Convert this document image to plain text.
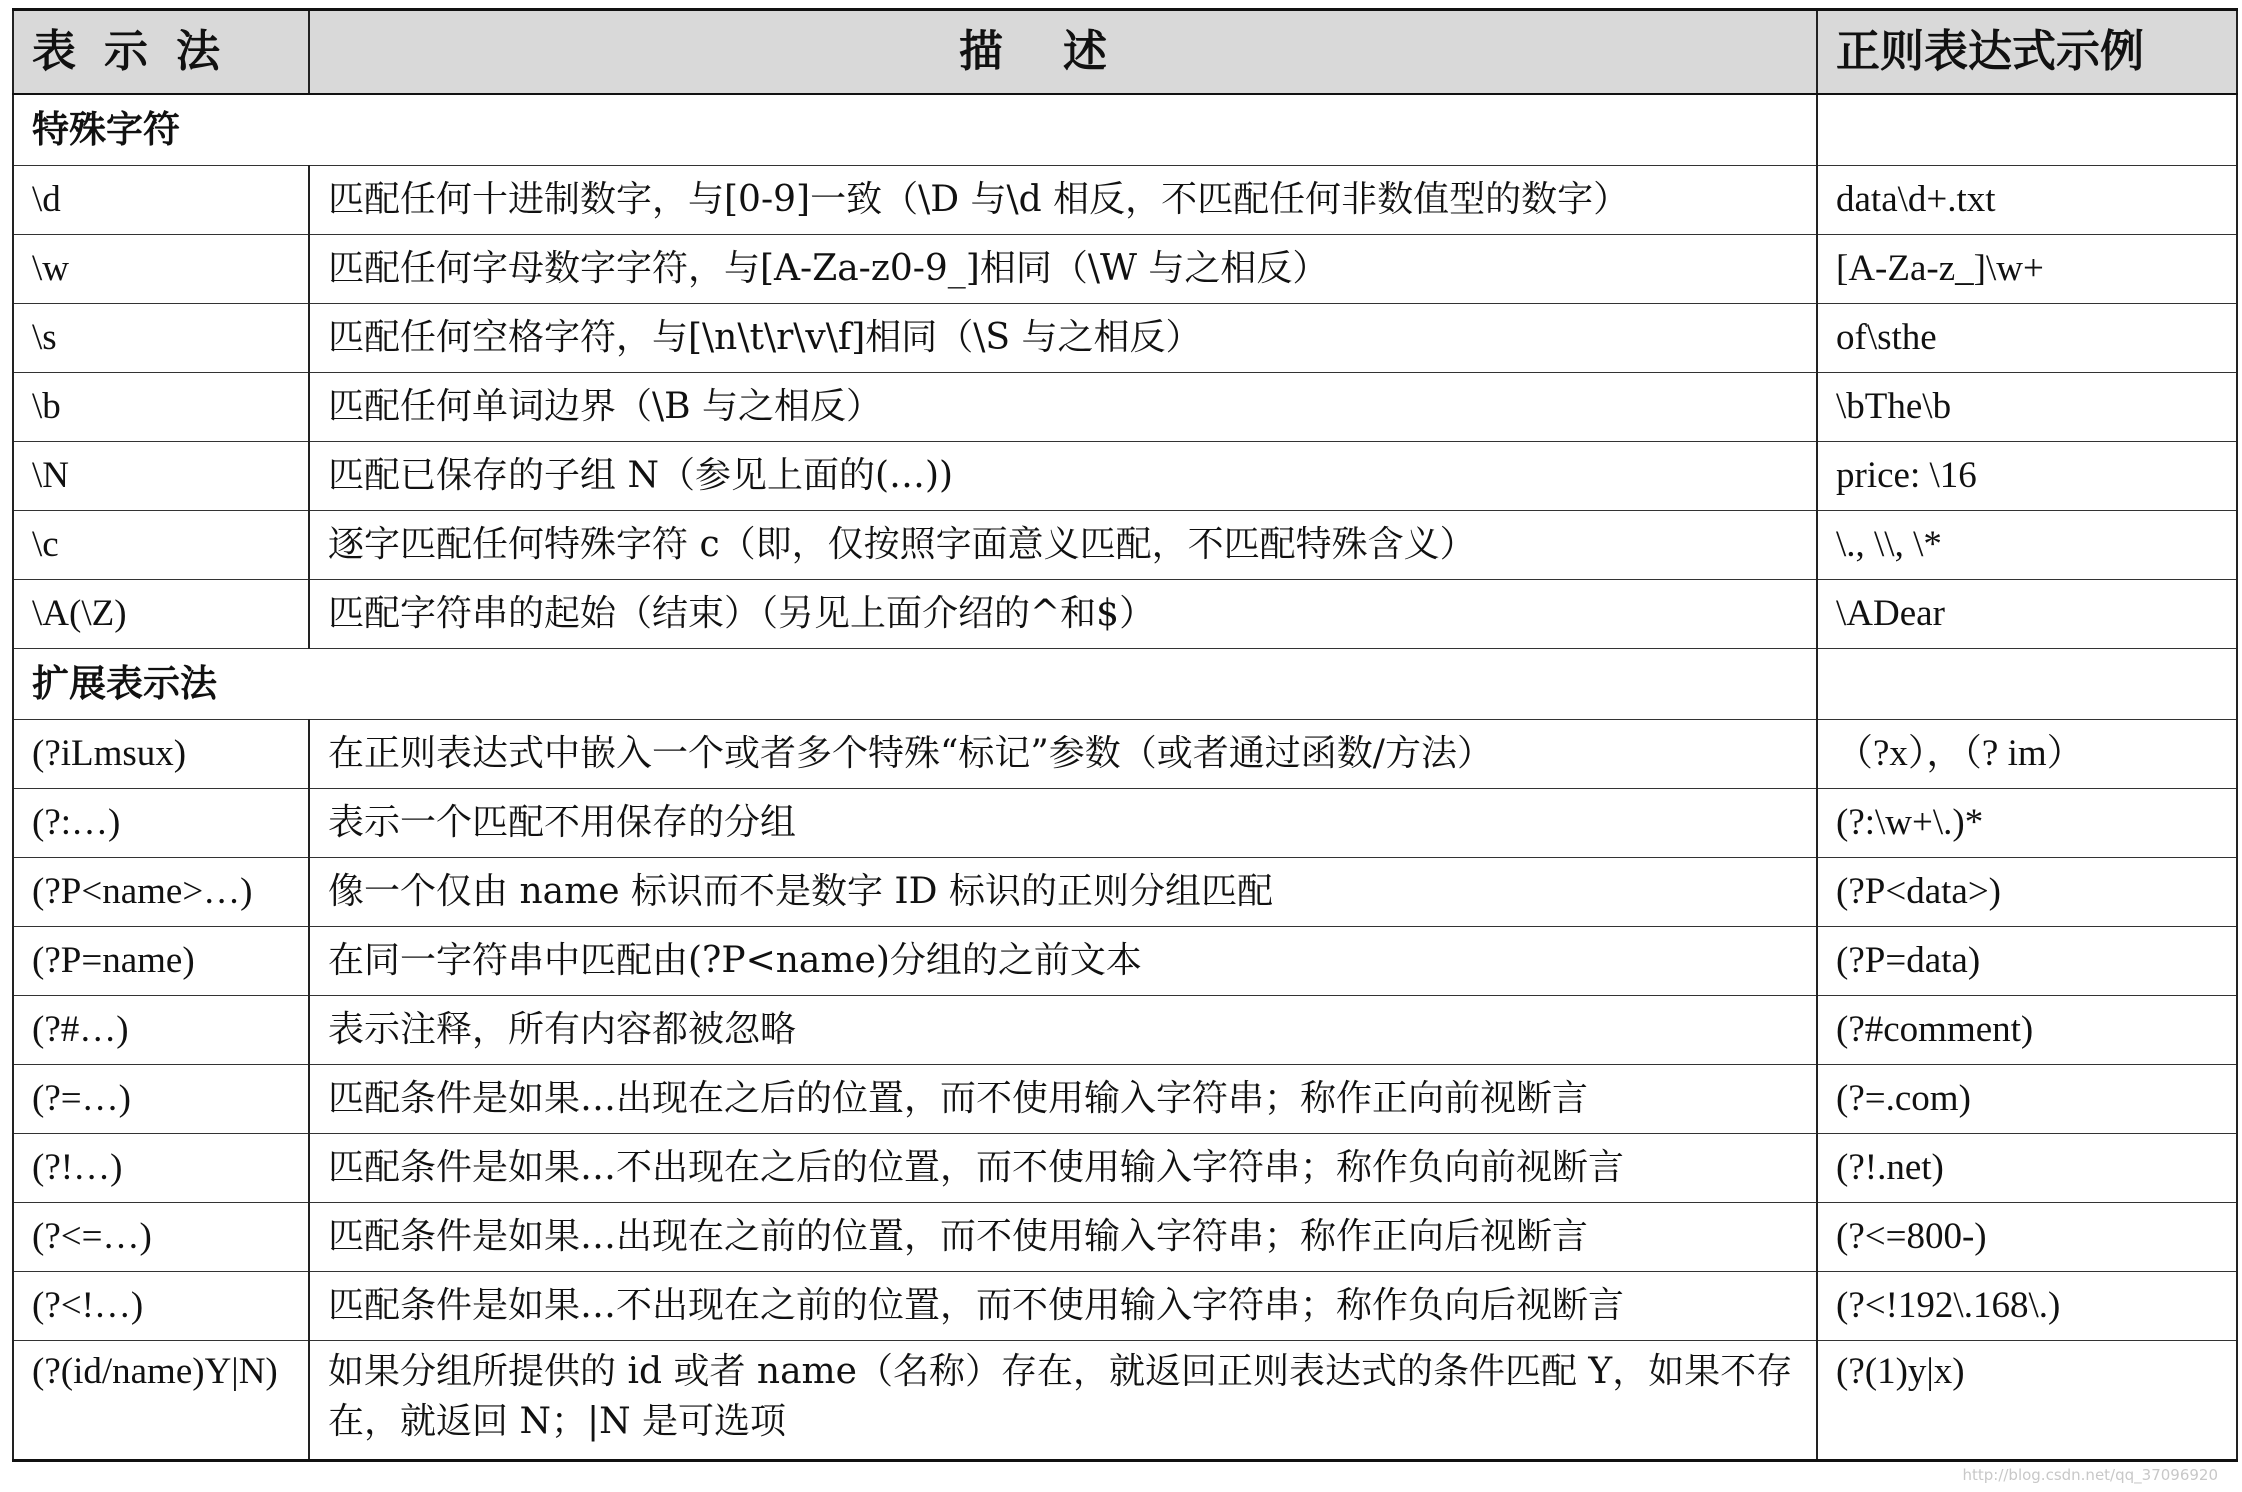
表示法	描述	正则表达式示例
特殊字符		
\d	匹配任何十进制数字，与[0-9]一致（\D 与\d 相反，不匹配任何非数值型的数字）	data\d+.txt
\w	匹配任何字母数字字符，与[A-Za-z0-9_]相同（\W 与之相反）	[A-Za-z_]\w+
\s	匹配任何空格字符，与[\n\t\r\v\f]相同（\S 与之相反）	of\sthe
\b	匹配任何单词边界（\B 与之相反）	\bThe\b
\N	匹配已保存的子组 N（参见上面的(…))	price: \16
\c	逐字匹配任何特殊字符 c（即，仅按照字面意义匹配，不匹配特殊含义）	\., \\, \*
\A(\Z)	匹配字符串的起始（结束）（另见上面介绍的^和$）	\ADear
扩展表示法		
(?iLmsux)	在正则表达式中嵌入一个或者多个特殊“标记”参数（或者通过函数/方法）	（?x），（? im）
(?:…)	表示一个匹配不用保存的分组	(?:\w+\.)*
(?P<name>…)	像一个仅由 name 标识而不是数字 ID 标识的正则分组匹配	(?P<data>)
(?P=name)	在同一字符串中匹配由(?P<name)分组的之前文本	(?P=data)
(?#…)	表示注释，所有内容都被忽略	(?#comment)
(?=…)	匹配条件是如果…出现在之后的位置，而不使用输入字符串；称作正向前视断言	(?=.com)
(?!…)	匹配条件是如果…不出现在之后的位置，而不使用输入字符串；称作负向前视断言	(?!.net)
(?<=…)	匹配条件是如果…出现在之前的位置，而不使用输入字符串；称作正向后视断言	(?<=800-)
(?<!…)	匹配条件是如果…不出现在之前的位置，而不使用输入字符串；称作负向后视断言	(?<!192\.168\.)
(?(id/name)Y|N)	如果分组所提供的 id 或者 name（名称）存在，就返回正则表达式的条件匹配 Y，如果不存在，就返回 N；|N 是可选项	(?(1)y|x)
http://blog.csdn.net/qq_37096920
